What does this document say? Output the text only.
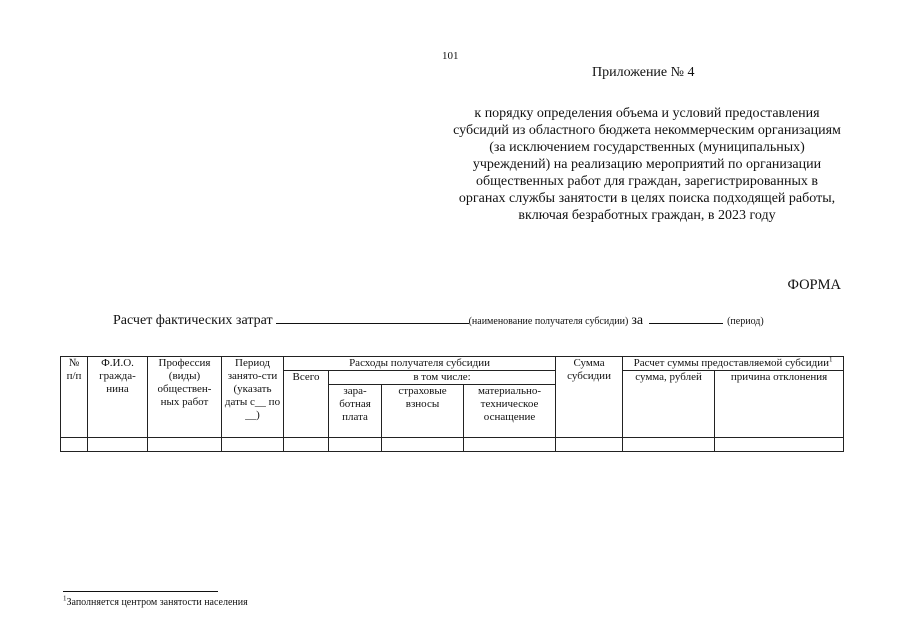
101
Приложение № 4
к порядку определения объема и условий предоставления субсидий из областного бюджета некоммерческим организациям (за исключением государственных (муниципальных) учреждений) на реализацию мероприятий по организации общественных работ для граждан, зарегистрированных в органах службы занятости в целях поиска подходящей работы, включая безработных граждан, в 2023 году
ФОРМА
Расчет фактических затрат	(наименование получателя субсидии) за	(период)
№ п/п	Ф.И.О. гражда-нина	Профессия (виды) обществен-ных работ	Период занято-сти (указать даты с__ по __)	Расходы получателя субсидии				Сумма субсидии	Расчет суммы предоставляемой субсидии$^1$
				Всего	в том числе:				сумма, рублей	причина отклонения
					зара-ботная плата	страховые взносы	материально-техническое оснащение			

$^1$Заполняется центром занятости населения
